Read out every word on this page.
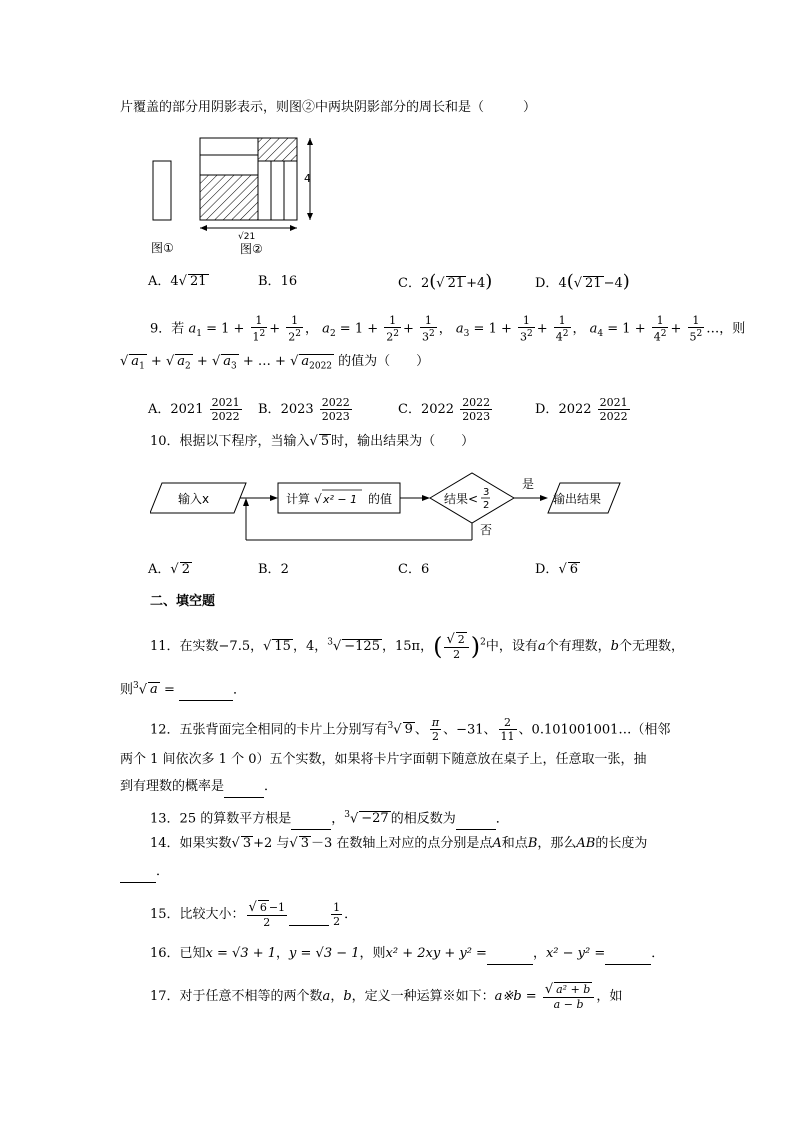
片覆盖的部分用阴影表示，则图②中两块阴影部分的周长和是（　　　）
4
√21
图①	图②
A．4√ 21	B．16	C．2(√ 21 +4)	D．4(√ 21 −4)
9．若 $a_1 = 1 + \frac{1}{1^2} + \frac{1}{2^2}$ ， $a_2 = 1 + \frac{1}{2^2} + \frac{1}{3^2}$ ， $a_3 = 1 + \frac{1}{3^2} + \frac{1}{4^2}$ ， $a_4 = 1 + \frac{1}{4^2} + \frac{1}{5^2}$ …，则
√ $a_1$ + √ $a_2$ + √ $a_3$ + … + √ $a_{2022}$ 的值为（　　）
A．$2021 \frac{2021}{2022}$ B．$2023 \frac{2022}{2023}$	C．$2022 \frac{2022}{2023}$	D．$2022 \frac{2021}{2022}$
10．根据以下程序，当输入√ 5 时，输出结果为（　　）
输入x	计算 √ x² − 1 的值	结果< 3
2
是
输出结果
否
A．√ 2	B．2	C．6	D．√ 6
二、填空题
11．在实数−7.5，√ 15 ，4，$^3$√ −125 ，15π，( $\frac{√ 2}{2} )^2$中，设有a个有理数，b个无理数，
则$^3$√ a =	．
12．五张背面完全相同的卡片上分别写有$^3$√ 9 、 $\frac{\pi}{2}$ 、−31、 $\frac{2}{11}$ 、0.101001001…（相邻
两个 1 间依次多 1 个 0）五个实数，如果将卡片字面朝下随意放在桌子上，任意取一张，抽
到有理数的概率是	．
13．25 的算数平方根是	，$^3$√ −27 的相反数为	．
14．如果实数√ 3 +2 与√ 3 －3 在数轴上对应的点分别是点A和点B，那么AB的长度为
．
15．比较大小： $\frac{√ 6 -1}{2}$
	$\frac{1}{2}$ ．
16．已知x = √3 + 1，y = √3 − 1，则x² + 2xy + y² =	，x² − y² =	．
17．对于任意不相等的两个数a，b，定义一种运算※如下：a※b = $\frac{\text{√ a² + b}}{a - b}$ ，如
